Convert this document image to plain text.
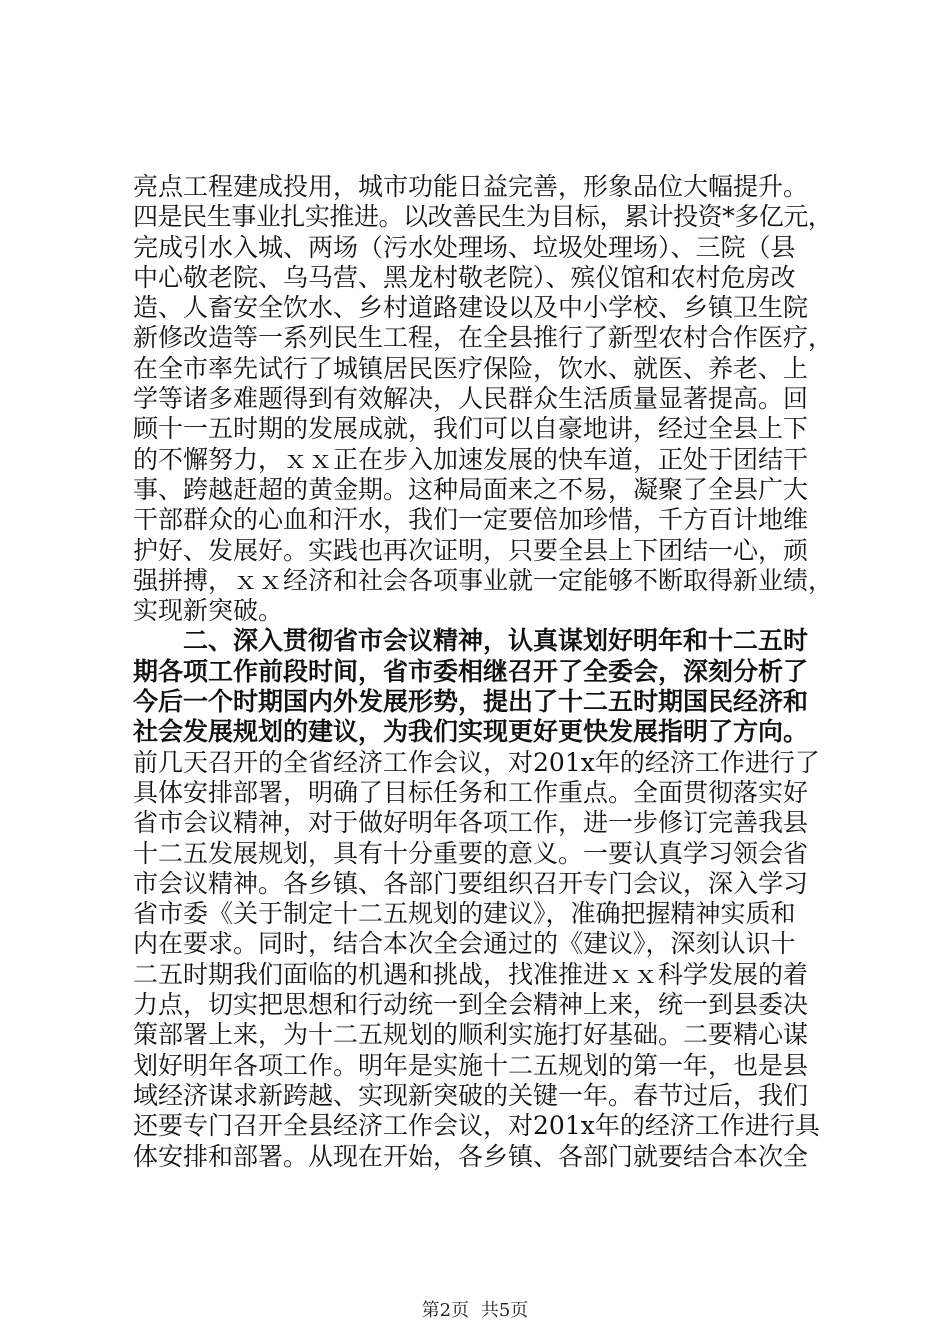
亮点工程建成投用，城市功能日益完善，形象品位大幅提升。
四是民生事业扎实推进。以改善民生为目标，累计投资*多亿元，
完成引水入城、两场（污水处理场、垃圾处理场）、三院（县
中心敬老院、乌马营、黑龙村敬老院）、殡仪馆和农村危房改
造、人畜安全饮水、乡村道路建设以及中小学校、乡镇卫生院
新修改造等一系列民生工程，在全县推行了新型农村合作医疗，
在全市率先试行了城镇居民医疗保险，饮水、就医、养老、上
学等诸多难题得到有效解决，人民群众生活质量显著提高。回
顾十一五时期的发展成就，我们可以自豪地讲，经过全县上下
的不懈努力，ｘｘ正在步入加速发展的快车道，正处于团结干
事、跨越赶超的黄金期。这种局面来之不易，凝聚了全县广大
干部群众的心血和汗水，我们一定要倍加珍惜，千方百计地维
护好、发展好。实践也再次证明，只要全县上下团结一心，顽
强拼搏，ｘｘ经济和社会各项事业就一定能够不断取得新业绩，
实现新突破。
二、深入贯彻省市会议精神，认真谋划好明年和十二五时
期各项工作前段时间，省市委相继召开了全委会，深刻分析了
今后一个时期国内外发展形势，提出了十二五时期国民经济和
社会发展规划的建议，为我们实现更好更快发展指明了方向。
前几天召开的全省经济工作会议，对201x年的经济工作进行了
具体安排部署，明确了目标任务和工作重点。全面贯彻落实好
省市会议精神，对于做好明年各项工作，进一步修订完善我县
十二五发展规划，具有十分重要的意义。一要认真学习领会省
市会议精神。各乡镇、各部门要组织召开专门会议，深入学习
省市委《关于制定十二五规划的建议》，准确把握精神实质和
内在要求。同时，结合本次全会通过的《建议》，深刻认识十
二五时期我们面临的机遇和挑战，找准推进ｘｘ科学发展的着
力点，切实把思想和行动统一到全会精神上来，统一到县委决
策部署上来，为十二五规划的顺利实施打好基础。二要精心谋
划好明年各项工作。明年是实施十二五规划的第一年，也是县
域经济谋求新跨越、实现新突破的关键一年。春节过后，我们
还要专门召开全县经济工作会议，对201x年的经济工作进行具
体安排和部署。从现在开始，各乡镇、各部门就要结合本次全
第2页 共5页
